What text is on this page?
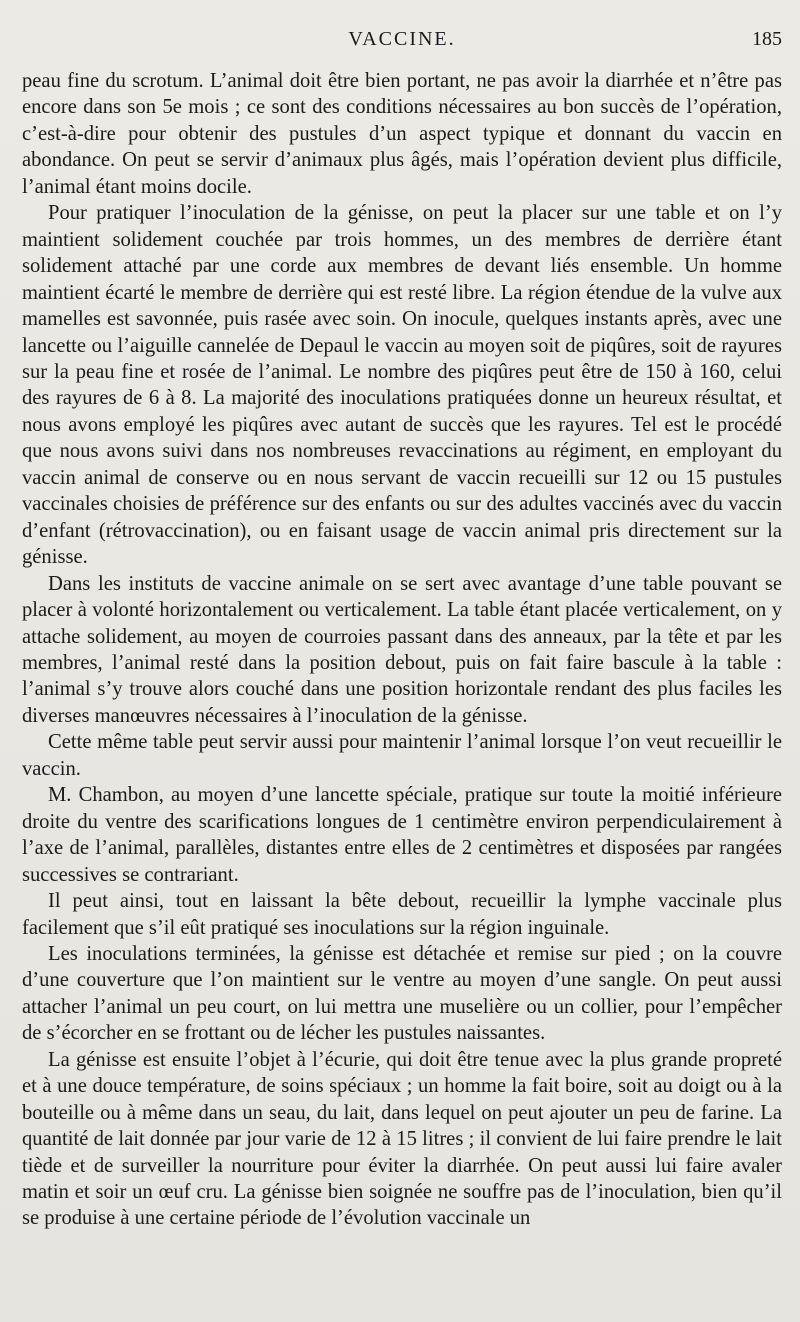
VACCINE.	185

peau fine du scrotum. L’animal doit être bien portant, ne pas avoir la diarrhée et n’être pas encore dans son 5e mois ; ce sont des conditions nécessaires au bon succès de l’opération, c’est-à-dire pour obtenir des pustules d’un aspect typique et donnant du vaccin en abondance. On peut se servir d’animaux plus âgés, mais l’opération devient plus difficile, l’animal étant moins docile.

Pour pratiquer l’inoculation de la génisse, on peut la placer sur une table et on l’y maintient solidement couchée par trois hommes, un des membres de derrière étant solidement attaché par une corde aux membres de devant liés ensemble. Un homme maintient écarté le membre de derrière qui est resté libre. La région étendue de la vulve aux mamelles est savonnée, puis rasée avec soin. On inocule, quelques instants après, avec une lancette ou l’aiguille cannelée de Depaul le vaccin au moyen soit de piqûres, soit de rayures sur la peau fine et rosée de l’animal. Le nombre des piqûres peut être de 150 à 160, celui des rayures de 6 à 8. La majorité des inoculations pratiquées donne un heureux résultat, et nous avons employé les piqûres avec autant de succès que les rayures. Tel est le procédé que nous avons suivi dans nos nombreuses revaccinations au régiment, en employant du vaccin animal de conserve ou en nous servant de vaccin recueilli sur 12 ou 15 pustules vaccinales choisies de préférence sur des enfants ou sur des adultes vaccinés avec du vaccin d’enfant (rétrovaccination), ou en faisant usage de vaccin animal pris directement sur la génisse.

Dans les instituts de vaccine animale on se sert avec avantage d’une table pouvant se placer à volonté horizontalement ou verticalement. La table étant placée verticalement, on y attache solidement, au moyen de courroies passant dans des anneaux, par la tête et par les membres, l’animal resté dans la position debout, puis on fait faire bascule à la table : l’animal s’y trouve alors couché dans une position horizontale rendant des plus faciles les diverses manœuvres nécessaires à l’inoculation de la génisse.

Cette même table peut servir aussi pour maintenir l’animal lorsque l’on veut recueillir le vaccin.

M. Chambon, au moyen d’une lancette spéciale, pratique sur toute la moitié inférieure droite du ventre des scarifications longues de 1 centimètre environ perpendiculairement à l’axe de l’animal, parallèles, distantes entre elles de 2 centimètres et disposées par rangées successives se contrariant.

Il peut ainsi, tout en laissant la bête debout, recueillir la lymphe vaccinale plus facilement que s’il eût pratiqué ses inoculations sur la région inguinale.

Les inoculations terminées, la génisse est détachée et remise sur pied ; on la couvre d’une couverture que l’on maintient sur le ventre au moyen d’une sangle. On peut aussi attacher l’animal un peu court, on lui mettra une muselière ou un collier, pour l’empêcher de s’écorcher en se frottant ou de lécher les pustules naissantes.

La génisse est ensuite l’objet à l’écurie, qui doit être tenue avec la plus grande propreté et à une douce température, de soins spéciaux ; un homme la fait boire, soit au doigt ou à la bouteille ou à même dans un seau, du lait, dans lequel on peut ajouter un peu de farine. La quantité de lait donnée par jour varie de 12 à 15 litres ; il convient de lui faire prendre le lait tiède et de surveiller la nourriture pour éviter la diarrhée. On peut aussi lui faire avaler matin et soir un œuf cru. La génisse bien soignée ne souffre pas de l’inoculation, bien qu’il se produise à une certaine période de l’évolution vaccinale un
